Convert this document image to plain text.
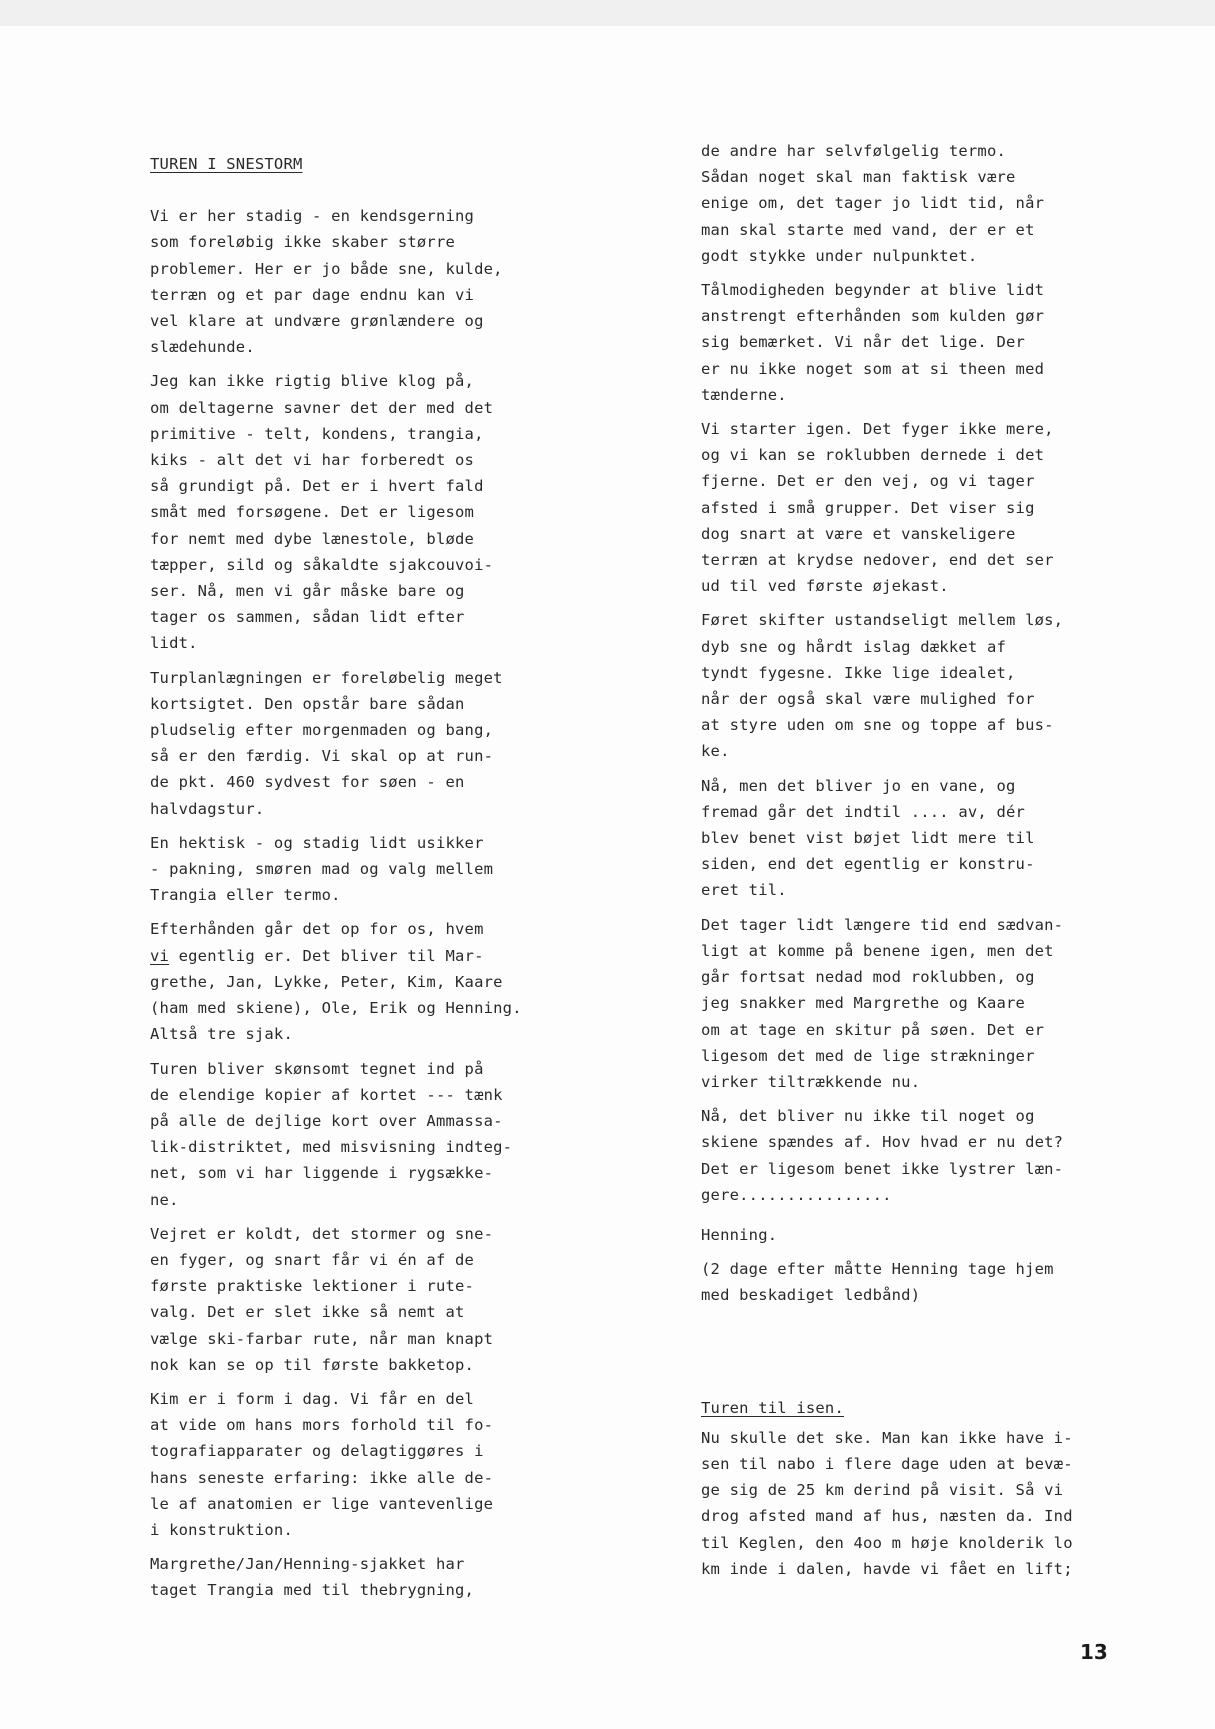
TUREN I SNESTORM
Vi er her stadig - en kendsgerning
som foreløbig ikke skaber større
problemer. Her er jo både sne, kulde,
terræn og et par dage endnu kan vi
vel klare at undvære grønlændere og
slædehunde.
Jeg kan ikke rigtig blive klog på,
om deltagerne savner det der med det
primitive - telt, kondens, trangia,
kiks - alt det vi har forberedt os
så grundigt på. Det er i hvert fald
småt med forsøgene. Det er ligesom
for nemt med dybe lænestole, bløde
tæpper, sild og såkaldte sjakcouvoi-
ser. Nå, men vi går måske bare og
tager os sammen, sådan lidt efter
lidt.
Turplanlægningen er foreløbelig meget
kortsigtet. Den opstår bare sådan
pludselig efter morgenmaden og bang,
så er den færdig. Vi skal op at run-
de pkt. 460 sydvest for søen - en
halvdagstur.
En hektisk - og stadig lidt usikker
- pakning, smøren mad og valg mellem
Trangia eller termo.
Efterhånden går det op for os, hvem
vi egentlig er. Det bliver til Mar-
grethe, Jan, Lykke, Peter, Kim, Kaare
(ham med skiene), Ole, Erik og Henning.
Altså tre sjak.
Turen bliver skønsomt tegnet ind på
de elendige kopier af kortet --- tænk
på alle de dejlige kort over Ammassa-
lik-distriktet, med misvisning indteg-
net, som vi har liggende i rygsække-
ne.
Vejret er koldt, det stormer og sne-
en fyger, og snart får vi én af de
første praktiske lektioner i rute-
valg. Det er slet ikke så nemt at
vælge ski-farbar rute, når man knapt
nok kan se op til første bakketop.
Kim er i form i dag. Vi får en del
at vide om hans mors forhold til fo-
tografiapparater og delagtiggøres i
hans seneste erfaring: ikke alle de-
le af anatomien er lige vantevenlige
i konstruktion.
Margrethe/Jan/Henning-sjakket har
taget Trangia med til thebrygning,
de andre har selvfølgelig termo.
Sådan noget skal man faktisk være
enige om, det tager jo lidt tid, når
man skal starte med vand, der er et
godt stykke under nulpunktet.
Tålmodigheden begynder at blive lidt
anstrengt efterhånden som kulden gør
sig bemærket. Vi når det lige. Der
er nu ikke noget som at si theen med
tænderne.
Vi starter igen. Det fyger ikke mere,
og vi kan se roklubben dernede i det
fjerne. Det er den vej, og vi tager
afsted i små grupper. Det viser sig
dog snart at være et vanskeligere
terræn at krydse nedover, end det ser
ud til ved første øjekast.
Føret skifter ustandseligt mellem løs,
dyb sne og hårdt islag dækket af
tyndt fygesne. Ikke lige idealet,
når der også skal være mulighed for
at styre uden om sne og toppe af bus-
ke.
Nå, men det bliver jo en vane, og
fremad går det indtil .... av, dér
blev benet vist bøjet lidt mere til
siden, end det egentlig er konstru-
eret til.
Det tager lidt længere tid end sædvan-
ligt at komme på benene igen, men det
går fortsat nedad mod roklubben, og
jeg snakker med Margrethe og Kaare
om at tage en skitur på søen. Det er
ligesom det med de lige strækninger
virker tiltrækkende nu.
Nå, det bliver nu ikke til noget og
skiene spændes af. Hov hvad er nu det?
Det er ligesom benet ikke lystrer læn-
gere................
Henning.
(2 dage efter måtte Henning tage hjem
med beskadiget ledbånd)
Turen til isen.
Nu skulle det ske. Man kan ikke have i-
sen til nabo i flere dage uden at bevæ-
ge sig de 25 km derind på visit. Så vi
drog afsted mand af hus, næsten da. Ind
til Keglen, den 4oo m høje knolderik lo
km inde i dalen, havde vi fået en lift;
13
